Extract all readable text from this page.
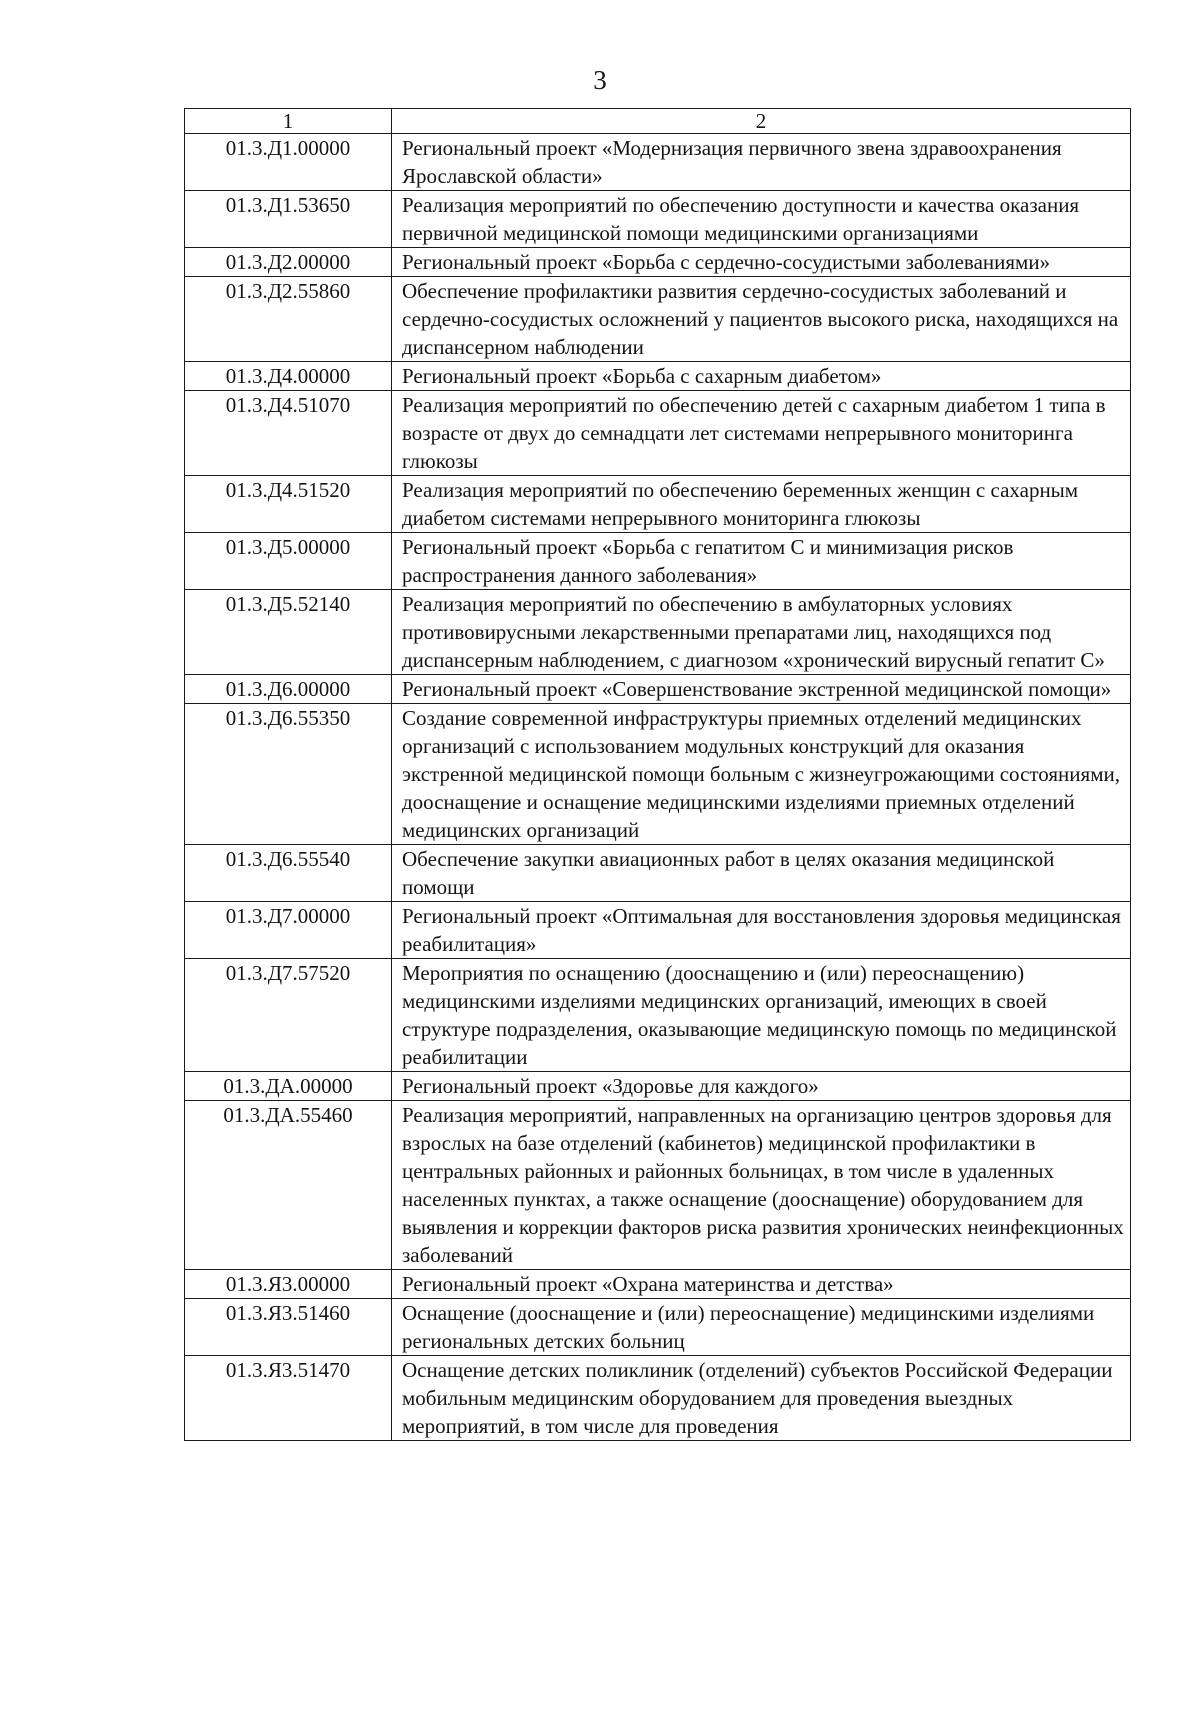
3
1	2
01.3.Д1.00000	Региональный проект «Модернизация первичного звена здравоохранения Ярославской области»
01.3.Д1.53650	Реализация мероприятий по обеспечению доступности и качества оказания первичной медицинской помощи медицинскими организациями
01.3.Д2.00000	Региональный проект «Борьба с сердечно-сосудистыми заболеваниями»
01.3.Д2.55860	Обеспечение профилактики развития сердечно-сосудистых заболеваний и сердечно-сосудистых осложнений у пациентов высокого риска, находящихся на диспансерном наблюдении
01.3.Д4.00000	Региональный проект «Борьба с сахарным диабетом»
01.3.Д4.51070	Реализация мероприятий по обеспечению детей с сахарным диабетом 1 типа в возрасте от двух до семнадцати лет системами непрерывного мониторинга глюкозы
01.3.Д4.51520	Реализация мероприятий по обеспечению беременных женщин с сахарным диабетом системами непрерывного мониторинга глюкозы
01.3.Д5.00000	Региональный проект «Борьба с гепатитом С и минимизация рисков распространения данного заболевания»
01.3.Д5.52140	Реализация мероприятий по обеспечению в амбулаторных условиях противовирусными лекарственными препаратами лиц, находящихся под диспансерным наблюдением, с диагнозом «хронический вирусный гепатит С»
01.3.Д6.00000	Региональный проект «Совершенствование экстренной медицинской помощи»
01.3.Д6.55350	Создание современной инфраструктуры приемных отделений медицинских организаций с использованием модульных конструкций для оказания экстренной медицинской помощи больным с жизнеугрожающими состояниями, дооснащение и оснащение медицинскими изделиями приемных отделений медицинских организаций
01.3.Д6.55540	Обеспечение закупки авиационных работ в целях оказания медицинской помощи
01.3.Д7.00000	Региональный проект «Оптимальная для восстановления здоровья медицинская реабилитация»
01.3.Д7.57520	Мероприятия по оснащению (дооснащению и (или) переоснащению) медицинскими изделиями медицинских организаций, имеющих в своей структуре подразделения, оказывающие медицинскую помощь по медицинской реабилитации
01.3.ДА.00000	Региональный проект «Здоровье для каждого»
01.3.ДА.55460	Реализация мероприятий, направленных на организацию центров здоровья для взрослых на базе отделений (кабинетов) медицинской профилактики в центральных районных и районных больницах, в том числе в удаленных населенных пунктах, а также оснащение (дооснащение) оборудованием для выявления и коррекции факторов риска развития хронических неинфекционных заболеваний
01.3.Я3.00000	Региональный проект «Охрана материнства и детства»
01.3.Я3.51460	Оснащение (дооснащение и (или) переоснащение) медицинскими изделиями региональных детских больниц
01.3.Я3.51470	Оснащение детских поликлиник (отделений) субъектов Российской Федерации мобильным медицинским оборудованием для проведения выездных мероприятий, в том числе для проведения
